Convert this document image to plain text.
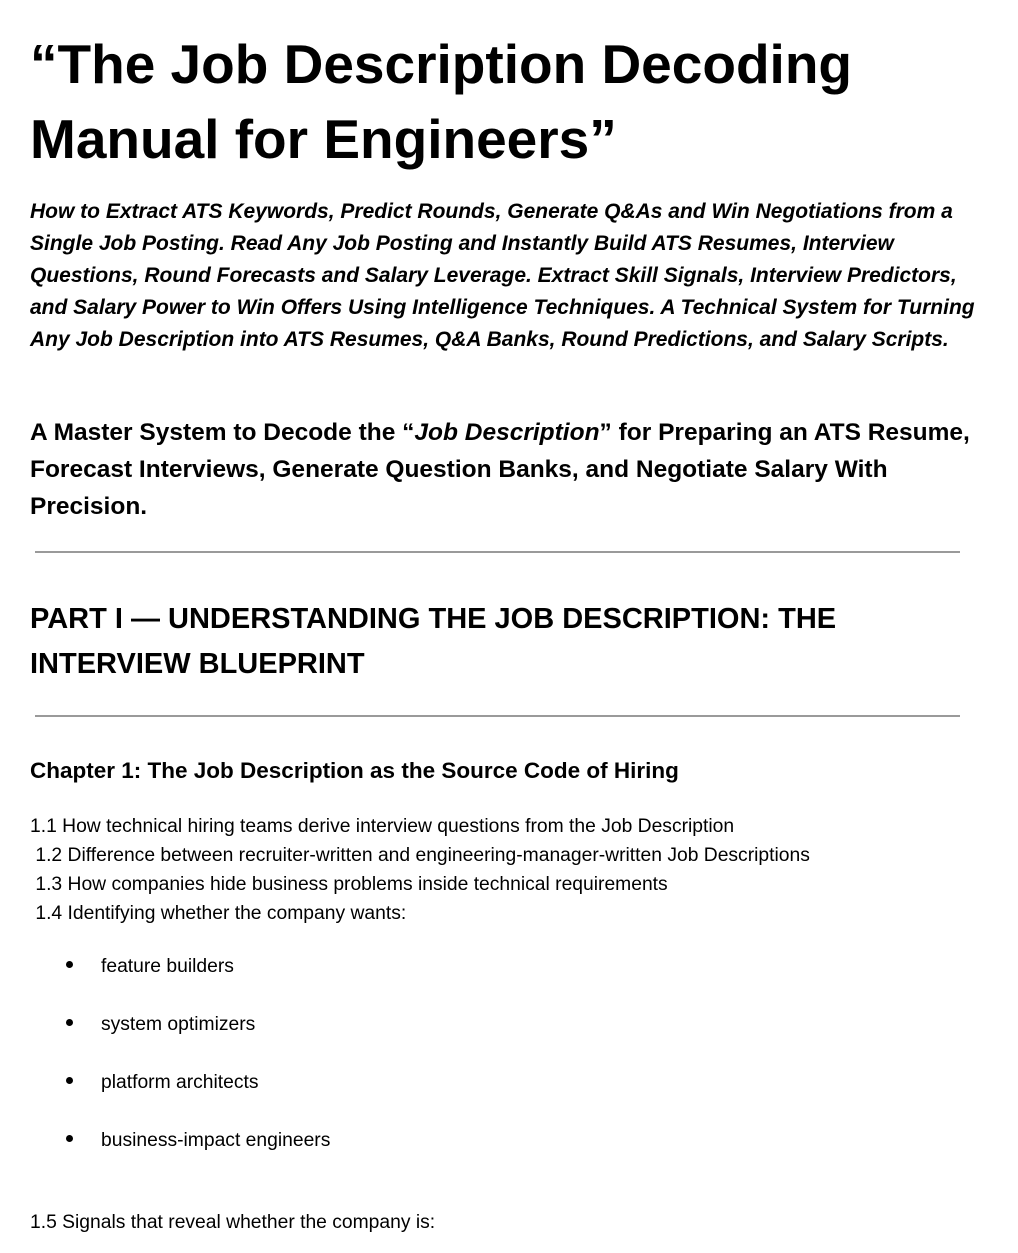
“The Job Description Decoding Manual for Engineers”
How to Extract ATS Keywords, Predict Rounds, Generate Q&As and Win Negotiations from a Single Job Posting. Read Any Job Posting and Instantly Build ATS Resumes, Interview Questions, Round Forecasts and Salary Leverage. Extract Skill Signals, Interview Predictors, and Salary Power to Win Offers Using Intelligence Techniques. A Technical System for Turning Any Job Description into ATS Resumes, Q&A Banks, Round Predictions, and Salary Scripts.
A Master System to Decode the “Job Description” for Preparing an ATS Resume, Forecast Interviews, Generate Question Banks, and Negotiate Salary With Precision.
PART I — UNDERSTANDING THE JOB DESCRIPTION: THE INTERVIEW BLUEPRINT
Chapter 1: The Job Description as the Source Code of Hiring
1.1 How technical hiring teams derive interview questions from the Job Description
1.2 Difference between recruiter-written and engineering-manager-written Job Descriptions
1.3 How companies hide business problems inside technical requirements
1.4 Identifying whether the company wants:
feature builders
system optimizers
platform architects
business-impact engineers
1.5 Signals that reveal whether the company is:
